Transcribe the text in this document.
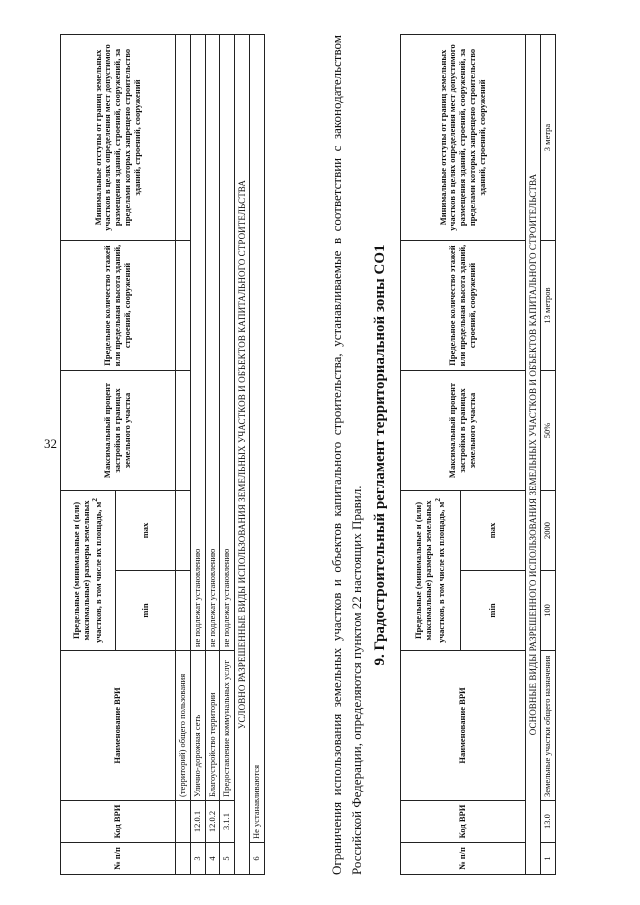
32
№ п/п	Код ВРИ	Наименование ВРИ	Предельные (минимальные и (или) максимальные) размеры земельных участков, в том числе их площадь, $м^2$		Максимальный процент застройки в границах земельного участка	Предельное количество этажей или предельная высота зданий, строений, сооружений	Минимальные отступы от границ земельных участков в целях определения мест допустимого размещения зданий, строений, сооружений, за пределами которых запрещено строительство зданий, строений, сооружений
			min	max			
		(территорий) общего пользования					
3	12.0.1	Улично-дорожная сеть	не подлежат установлению				
4	12.0.2	Благоустройство территории	не подлежат установлению				
5	3.1.1	Предоставление коммунальных услуг	не подлежат установлению				
УСЛОВНО РАЗРЕШЕННЫЕ ВИДЫ ИСПОЛЬЗОВАНИЯ ЗЕМЕЛЬНЫХ УЧАСТКОВ И ОБЪЕКТОВ КАПИТАЛЬНОГО СТРОИТЕЛЬСТВА							
6	Не устанавливаются							Ограничения использования земельных участков и объектов капитального строительства, устанавливаемые в соответствии с законодательством Российской Федерации, определяются пунктом 22 настоящих Правил.
9. Градостроительный регламент территориальной зоны СО1
№ п/п	Код ВРИ	Наименование ВРИ	Предельные (минимальные и (или) максимальные) размеры земельных участков, в том числе их площадь, $м^2$		Максимальный процент застройки в границах земельного участка	Предельное количество этажей или предельная высота зданий, строений, сооружений	Минимальные отступы от границ земельных участков в целях определения мест допустимого размещения зданий, строений, сооружений, за пределами которых запрещено строительство зданий, строений, сооружений
			min	max			
ОСНОВНЫЕ ВИДЫ РАЗРЕШЕННОГО ИСПОЛЬЗОВАНИЯ ЗЕМЕЛЬНЫХ УЧАСТКОВ И ОБЪЕКТОВ КАПИТАЛЬНОГО СТРОИТЕЛЬСТВА							
1	13.0	Земельные участки общего назначения	100	2000	50%	13 метров	3 метра
